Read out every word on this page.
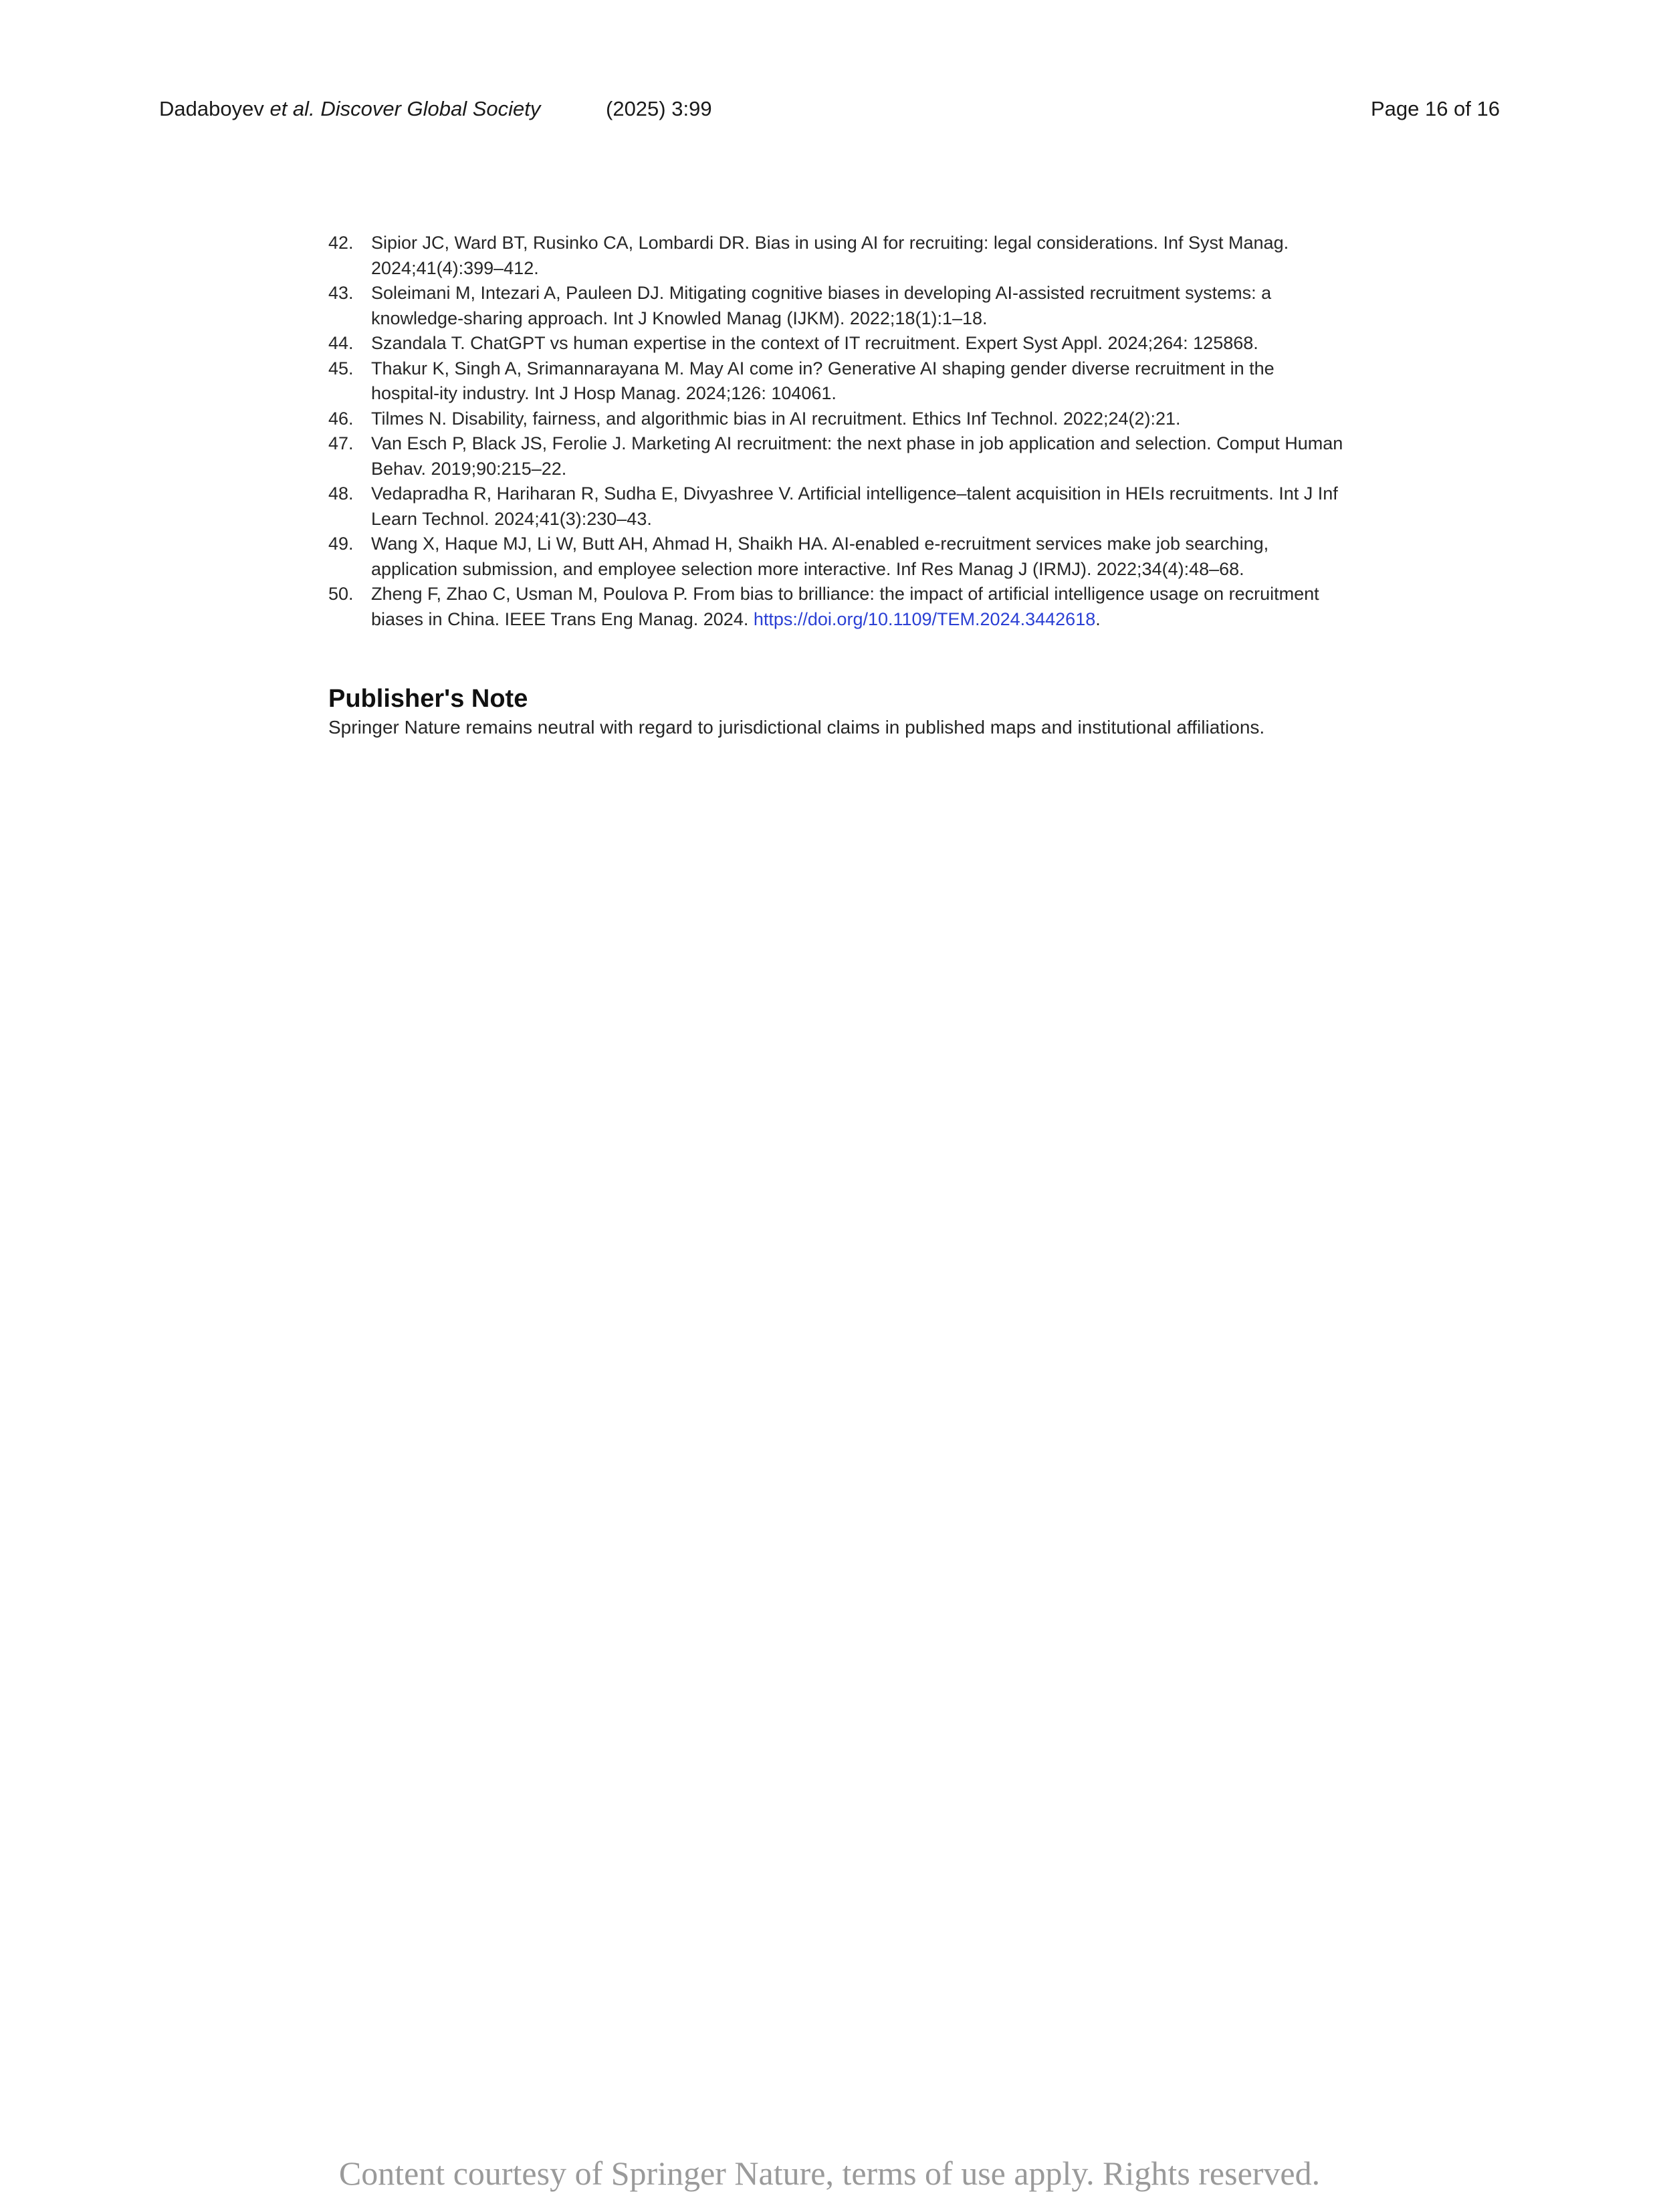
Dadaboyev et al. Discover Global Society	(2025) 3:99	Page 16 of 16
42. Sipior JC, Ward BT, Rusinko CA, Lombardi DR. Bias in using AI for recruiting: legal considerations. Inf Syst Manag. 2024;41(4):399–412.
43. Soleimani M, Intezari A, Pauleen DJ. Mitigating cognitive biases in developing AI-assisted recruitment systems: a knowledge-sharing approach. Int J Knowled Manag (IJKM). 2022;18(1):1–18.
44. Szandala T. ChatGPT vs human expertise in the context of IT recruitment. Expert Syst Appl. 2024;264: 125868.
45. Thakur K, Singh A, Srimannarayana M. May AI come in? Generative AI shaping gender diverse recruitment in the hospital-ity industry. Int J Hosp Manag. 2024;126: 104061.
46. Tilmes N. Disability, fairness, and algorithmic bias in AI recruitment. Ethics Inf Technol. 2022;24(2):21.
47. Van Esch P, Black JS, Ferolie J. Marketing AI recruitment: the next phase in job application and selection. Comput Human Behav. 2019;90:215–22.
48. Vedapradha R, Hariharan R, Sudha E, Divyashree V. Artificial intelligence–talent acquisition in HEIs recruitments. Int J Inf Learn Technol. 2024;41(3):230–43.
49. Wang X, Haque MJ, Li W, Butt AH, Ahmad H, Shaikh HA. AI-enabled e-recruitment services make job searching, application submission, and employee selection more interactive. Inf Res Manag J (IRMJ). 2022;34(4):48–68.
50. Zheng F, Zhao C, Usman M, Poulova P. From bias to brilliance: the impact of artificial intelligence usage on recruitment biases in China. IEEE Trans Eng Manag. 2024. https://doi.org/10.1109/TEM.2024.3442618.
Publisher's Note

Springer Nature remains neutral with regard to jurisdictional claims in published maps and institutional affiliations.

Content courtesy of Springer Nature, terms of use apply. Rights reserved.
